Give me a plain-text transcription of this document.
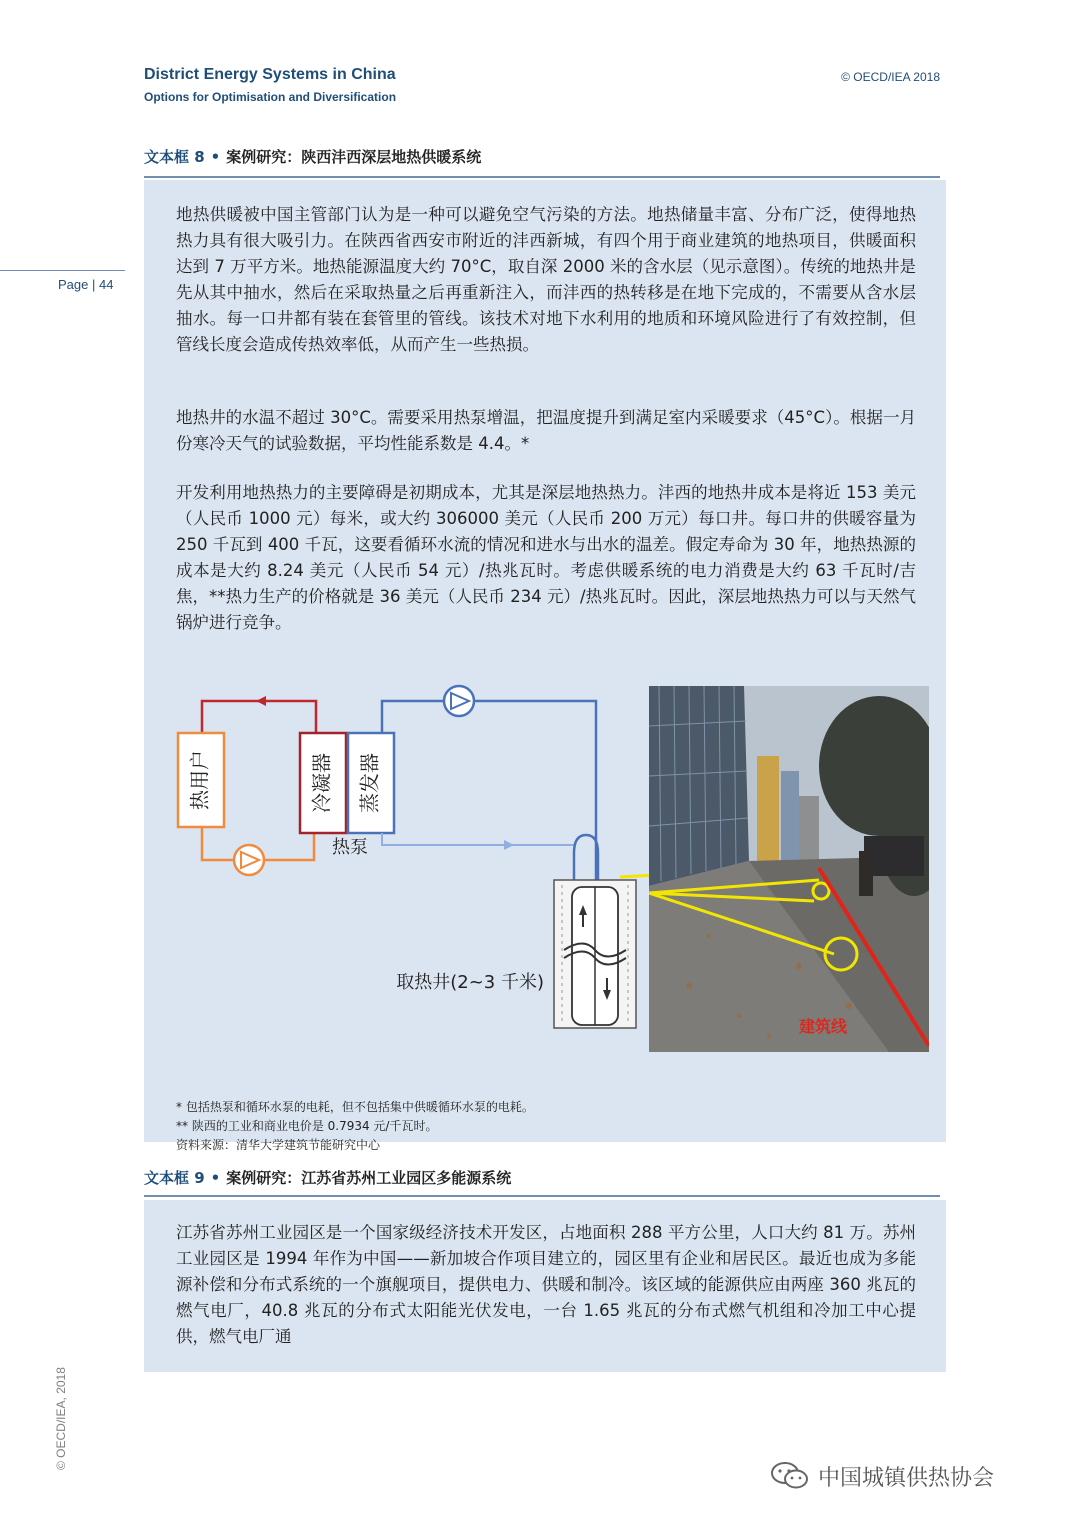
District Energy Systems in China
Options for Optimisation and Diversification
© OECD/IEA 2018
Page | 44
© OECD/IEA, 2018
文本框 8 • 案例研究：陕西沣西深层地热供暖系统
地热供暖被中国主管部门认为是一种可以避免空气污染的方法。地热储量丰富、分布广泛，使得地热热力具有很大吸引力。在陕西省西安市附近的沣西新城，有四个用于商业建筑的地热项目，供暖面积达到 7 万平方米。地热能源温度大约 70°C，取自深 2000 米的含水层（见示意图）。传统的地热井是先从其中抽水，然后在采取热量之后再重新注入，而沣西的热转移是在地下完成的，不需要从含水层抽水。每一口井都有装在套管里的管线。该技术对地下水利用的地质和环境风险进行了有效控制，但管线长度会造成传热效率低，从而产生一些热损。
地热井的水温不超过 30°C。需要采用热泵增温，把温度提升到满足室内采暖要求（45°C）。根据一月份寒冷天气的试验数据，平均性能系数是 4.4。*
开发利用地热热力的主要障碍是初期成本，尤其是深层地热热力。沣西的地热井成本是将近 153 美元（人民币 1000 元）每米，或大约 306000 美元（人民币 200 万元）每口井。每口井的供暖容量为 250 千瓦到 400 千瓦，这要看循环水流的情况和进水与出水的温差。假定寿命为 30 年，地热热源的成本是大约 8.24 美元（人民币 54 元）/热兆瓦时。考虑供暖系统的电力消费是大约 63 千瓦时/吉焦，**热力生产的价格就是 36 美元（人民币 234 元）/热兆瓦时。因此，深层地热热力可以与天然气锅炉进行竞争。
热用户	冷凝器 蒸发器
热泵
取热井(2~3 千米)
建筑线
* 包括热泵和循环水泵的电耗，但不包括集中供暖循环水泵的电耗。
** 陕西的工业和商业电价是 0.7934 元/千瓦时。
资料来源：清华大学建筑节能研究中心
文本框 9 • 案例研究：江苏省苏州工业园区多能源系统
江苏省苏州工业园区是一个国家级经济技术开发区，占地面积 288 平方公里，人口大约 81 万。苏州工业园区是 1994 年作为中国——新加坡合作项目建立的，园区里有企业和居民区。最近也成为多能源补偿和分布式系统的一个旗舰项目，提供电力、供暖和制冷。该区域的能源供应由两座 360 兆瓦的燃气电厂，40.8 兆瓦的分布式太阳能光伏发电，一台 1.65 兆瓦的分布式燃气机组和冷加工中心提供，燃气电厂通
中国城镇供热协会
